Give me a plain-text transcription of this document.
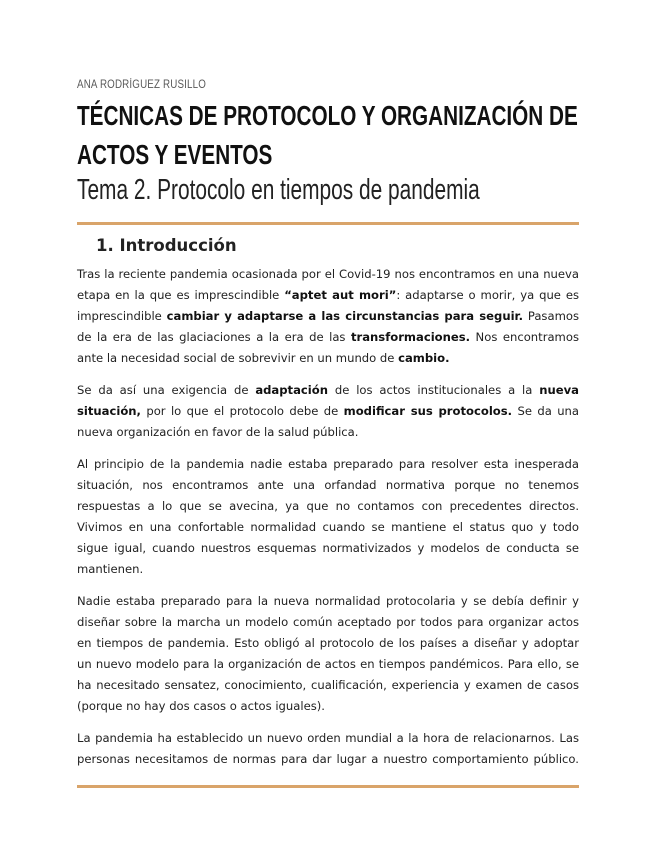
ANA RODRÍGUEZ RUSILLO
TÉCNICAS DE PROTOCOLO Y ORGANIZACIÓN DE
ACTOS Y EVENTOS
Tema 2. Protocolo en tiempos de pandemia
1. Introducción

Tras la reciente pandemia ocasionada por el Covid-19 nos encontramos en una nueva etapa en la que es imprescindible “aptet aut mori”: adaptarse o morir, ya que es imprescindible cambiar y adaptarse a las circunstancias para seguir. Pasamos de la era de las glaciaciones a la era de las transformaciones. Nos encontramos ante la necesidad social de sobrevivir en un mundo de cambio.

Se da así una exigencia de adaptación de los actos institucionales a la nueva situación, por lo que el protocolo debe de modificar sus protocolos. Se da una nueva organización en favor de la salud pública.

Al principio de la pandemia nadie estaba preparado para resolver esta inesperada situación, nos encontramos ante una orfandad normativa porque no tenemos respuestas a lo que se avecina, ya que no contamos con precedentes directos. Vivimos en una confortable normalidad cuando se mantiene el status quo y todo sigue igual, cuando nuestros esquemas normativizados y modelos de conducta se mantienen.

Nadie estaba preparado para la nueva normalidad protocolaria y se debía definir y diseñar sobre la marcha un modelo común aceptado por todos para organizar actos en tiempos de pandemia. Esto obligó al protocolo de los países a diseñar y adoptar un nuevo modelo para la organización de actos en tiempos pandémicos. Para ello, se ha necesitado sensatez, conocimiento, cualificación, experiencia y examen de casos (porque no hay dos casos o actos iguales).

La pandemia ha establecido un nuevo orden mundial a la hora de relacionarnos. Las personas necesitamos de normas para dar lugar a nuestro comportamiento público.
